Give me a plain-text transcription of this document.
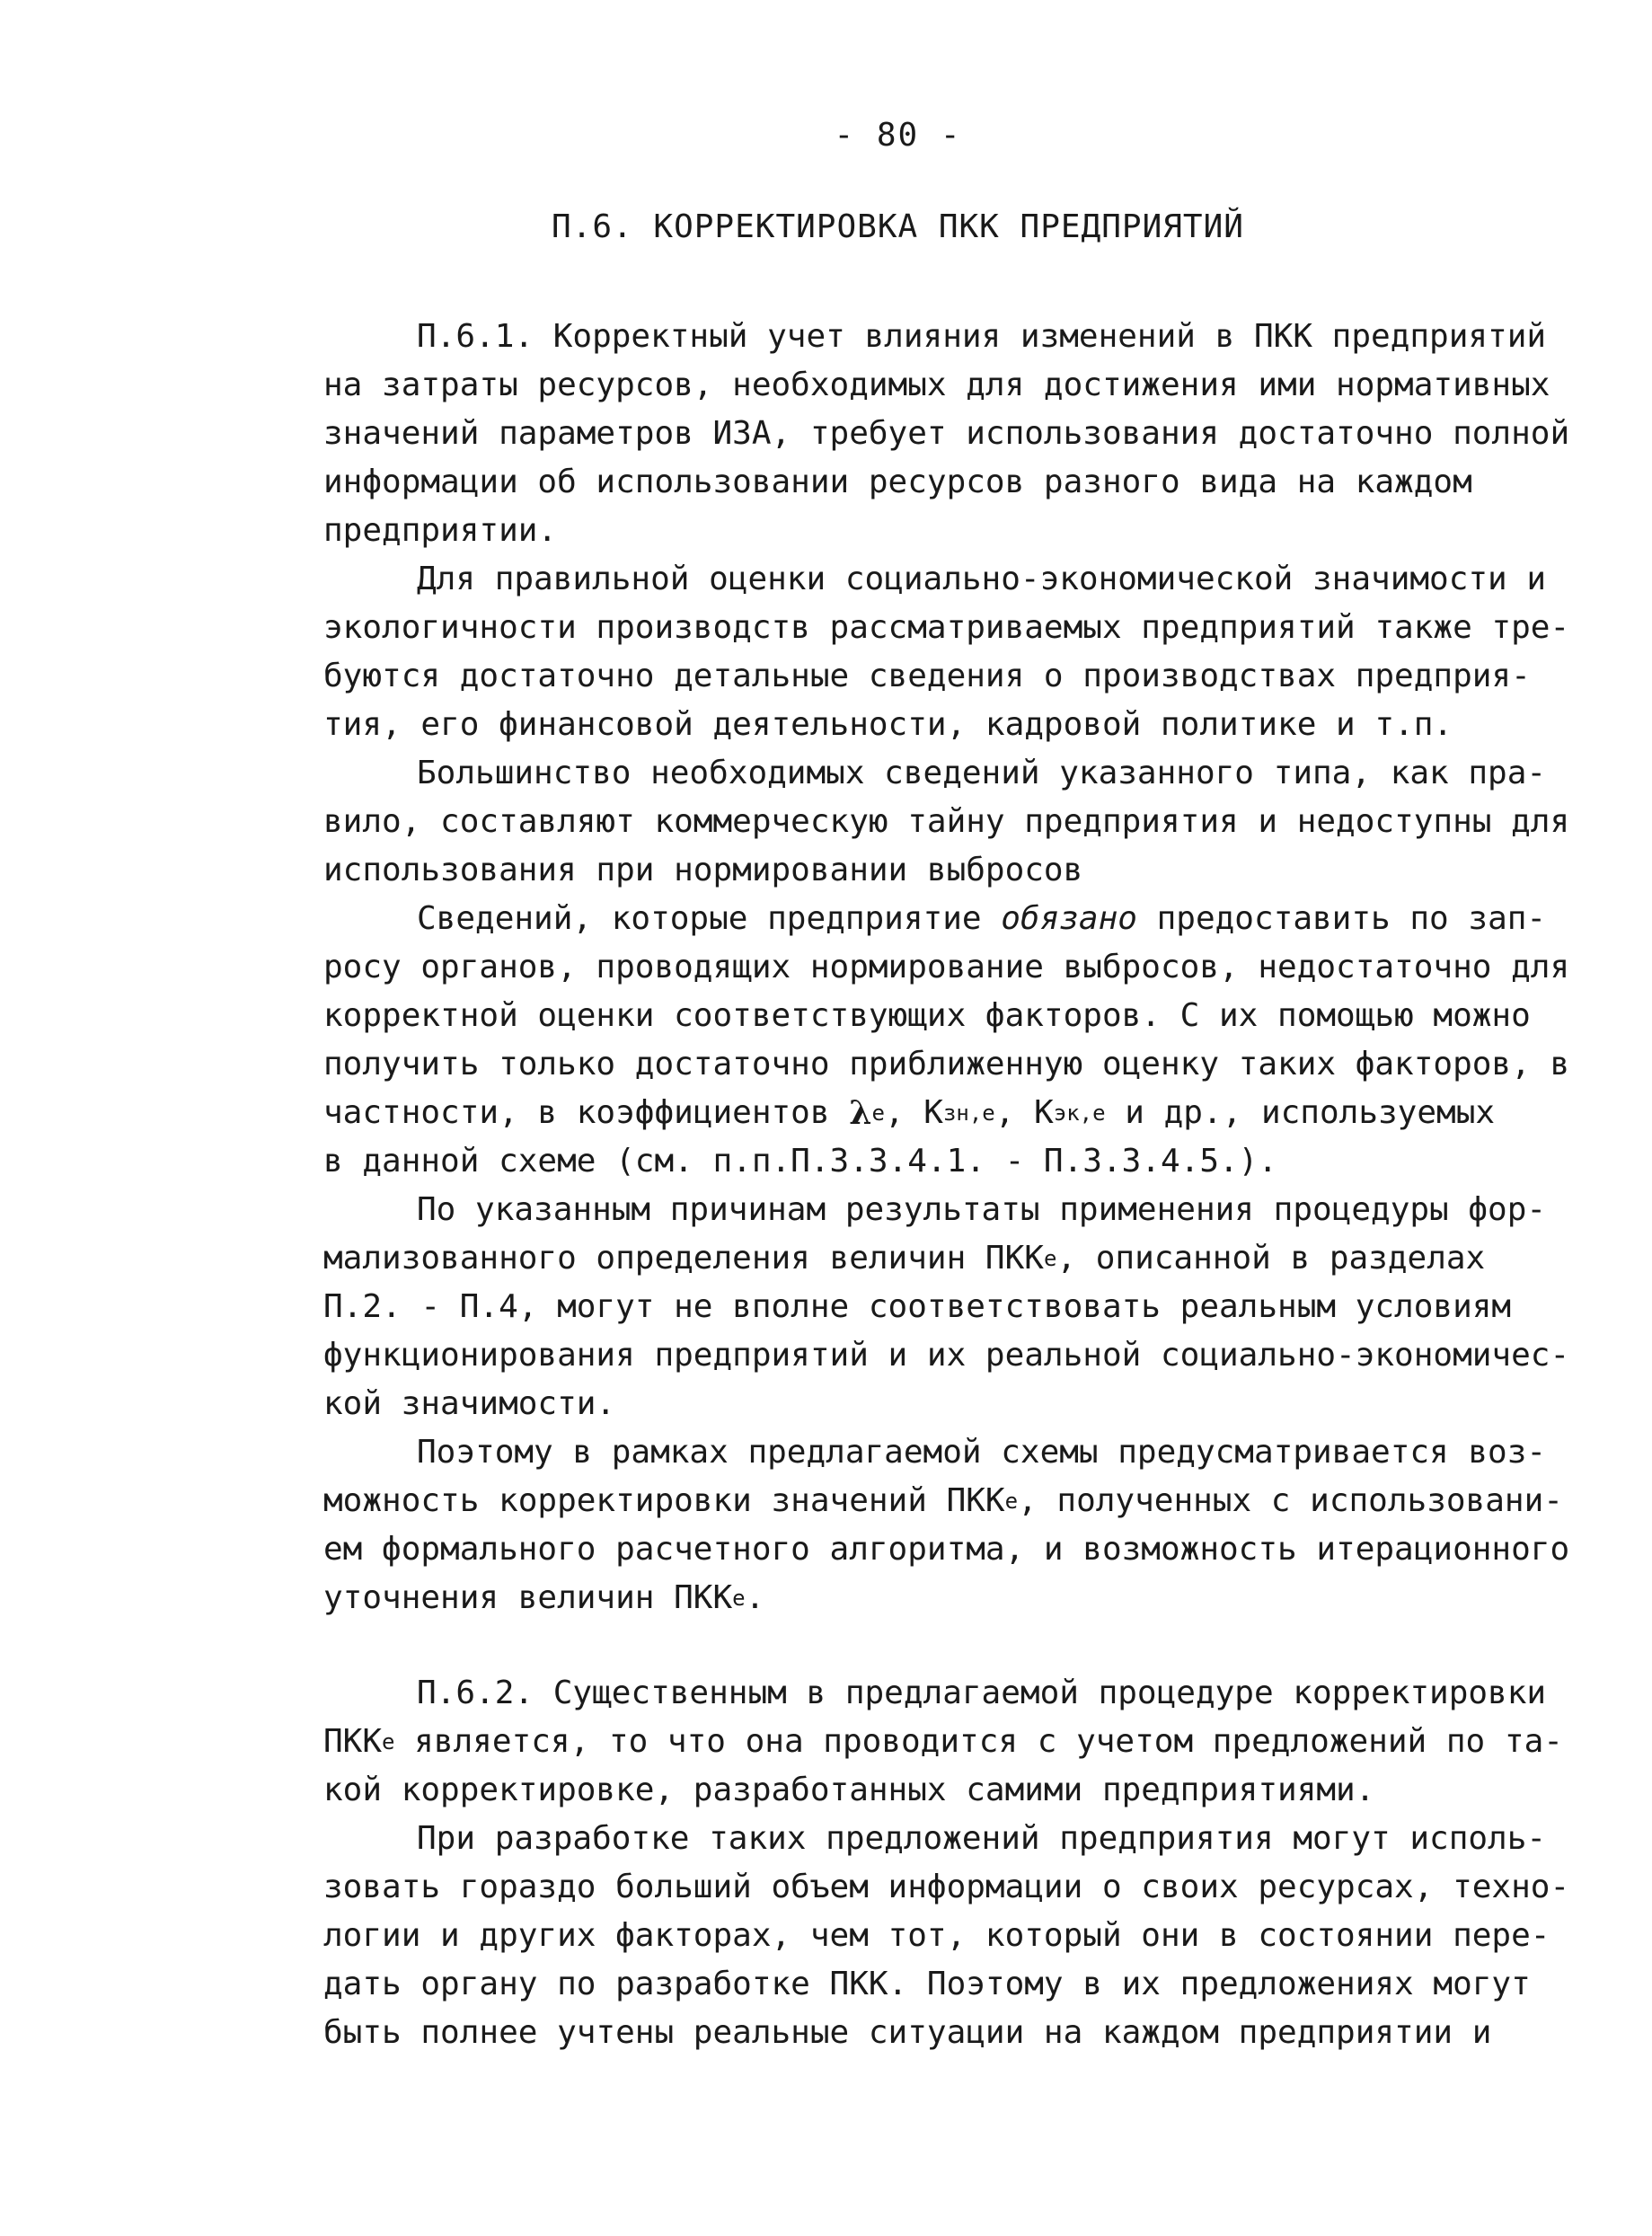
- 80 -
П.6. КОРРЕКТИРОВКА ПКК ПРЕДПРИЯТИЙ
П.6.1. Корректный учет влияния изменений в ПКК предприятий
на затраты ресурсов, необходимых для достижения ими нормативных
значений параметров ИЗА, требует использования достаточно полной
информации об использовании ресурсов разного вида на каждом
предприятии.
Для правильной оценки социально-экономической значимости и
экологичности производств рассматриваемых предприятий также тре-
буются достаточно детальные сведения о производствах предприя-
тия, его финансовой деятельности, кадровой политике и т.п.
Большинство необходимых сведений указанного типа, как пра-
вило, составляют коммерческую тайну предприятия и недоступны для
использования при нормировании выбросов
Сведений, которые предприятие обязано предоставить по зап-
росу органов, проводящих нормирование выбросов, недостаточно для
корректной оценки соответствующих факторов. С их помощью можно
получить только достаточно приближенную оценку таких факторов, в
частности, в коэффициентов λ e , К зн,е , К эк,е и др., используемых
в данной схеме (см. п.п.П.3.3.4.1. - П.3.3.4.5.).
По указанным причинам результаты применения процедуры фор-
мализованного определения величин ПКК е , описанной в разделах
П.2. - П.4, могут не вполне соответствовать реальным условиям
функционирования предприятий и их реальной социально-экономичес-
кой значимости.
Поэтому в рамках предлагаемой схемы предусматривается воз-
можность корректировки значений ПКК е , полученных с использовани-
ем формального расчетного алгоритма, и возможность итерационного
уточнения величин ПКК е .
П.6.2. Существенным в предлагаемой процедуре корректировки
ПКК е является, то что она проводится с учетом предложений по та-
кой корректировке, разработанных самими предприятиями.
При разработке таких предложений предприятия могут исполь-
зовать гораздо больший объем информации о своих ресурсах, техно-
логии и других факторах, чем тот, который они в состоянии пере-
дать органу по разработке ПКК. Поэтому в их предложениях могут
быть полнее учтены реальные ситуации на каждом предприятии и
